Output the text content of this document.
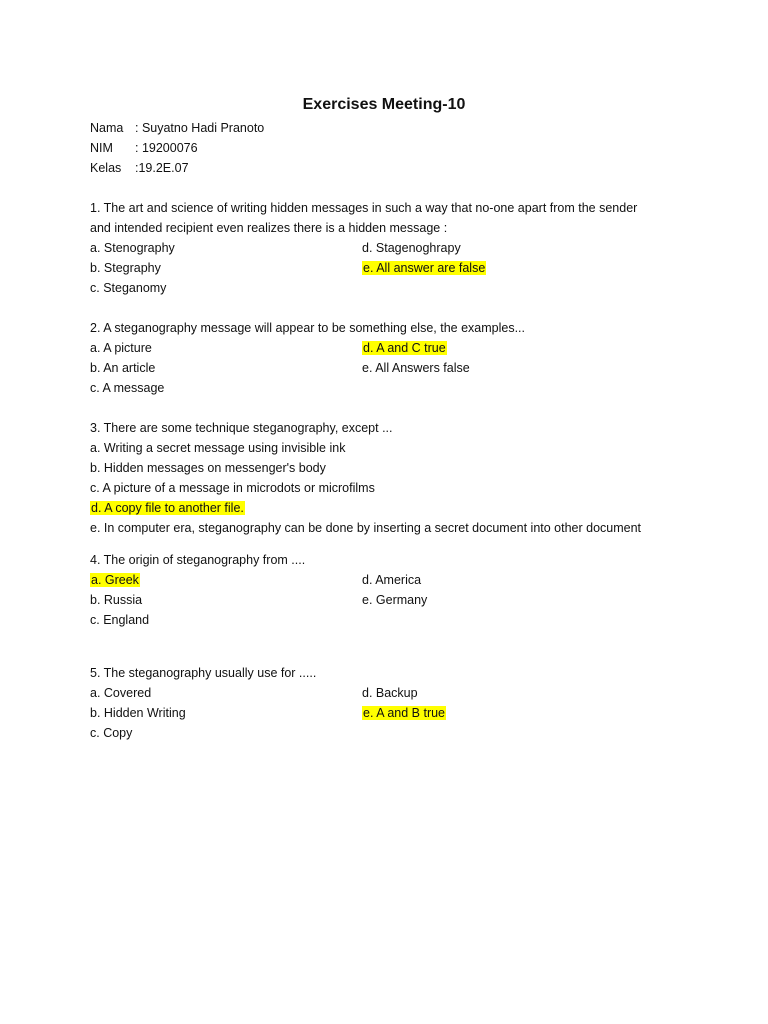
Exercises Meeting-10
Nama : Suyatno Hadi Pranoto
NIM : 19200076
Kelas :19.2E.07
1. The art and science of writing hidden messages in such a way that no-one apart from the sender
and intended recipient even realizes there is a hidden message :
a. Stenography	d. Stagenoghrapy
b. Stegraphy	e. All answer are false
c. Steganomy
2. A steganography message will appear to be something else, the examples...
a. A picture	d. A and C true
b. An article	e. All Answers false
c. A message
3. There are some technique steganography, except ...
a. Writing a secret message using invisible ink
b. Hidden messages on messenger's body
c. A picture of a message in microdots or microfilms
d. A copy file to another file.
e. In computer era, steganography can be done by inserting a secret document into other document
4. The origin of steganography from ....
a. Greek	d. America
b. Russia	e. Germany
c. England
5. The steganography usually use for .....
a. Covered	d. Backup
b. Hidden Writing	e. A and B true
c. Copy
